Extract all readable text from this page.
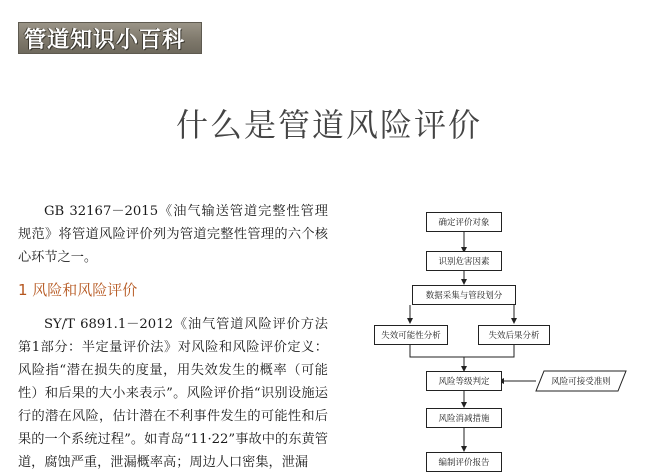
管道知识小百科
什么是管道风险评价

GB 32167－2015《油气输送管道完整性管理规范》将管道风险评价列为管道完整性管理的六个核心环节之一。

1 风险和风险评价

SY/T 6891.1－2012《油气管道风险评价方法 第1部分：半定量评价法》对风险和风险评价定义：风险指“潜在损失的度量，用失效发生的概率（可能性）和后果的大小来表示”。风险评价指“识别设施运行的潜在风险，估计潜在不利事件发生的可能性和后果的一个系统过程”。如青岛“11·22”事故中的东黄管道，腐蚀严重，泄漏概率高；周边人口密集，泄漏

确定评价对象
识别危害因素
数据采集与管段划分
失效可能性分析	失效后果分析
风险等级判定	风险可接受准则
风险消减措施
编制评价报告
